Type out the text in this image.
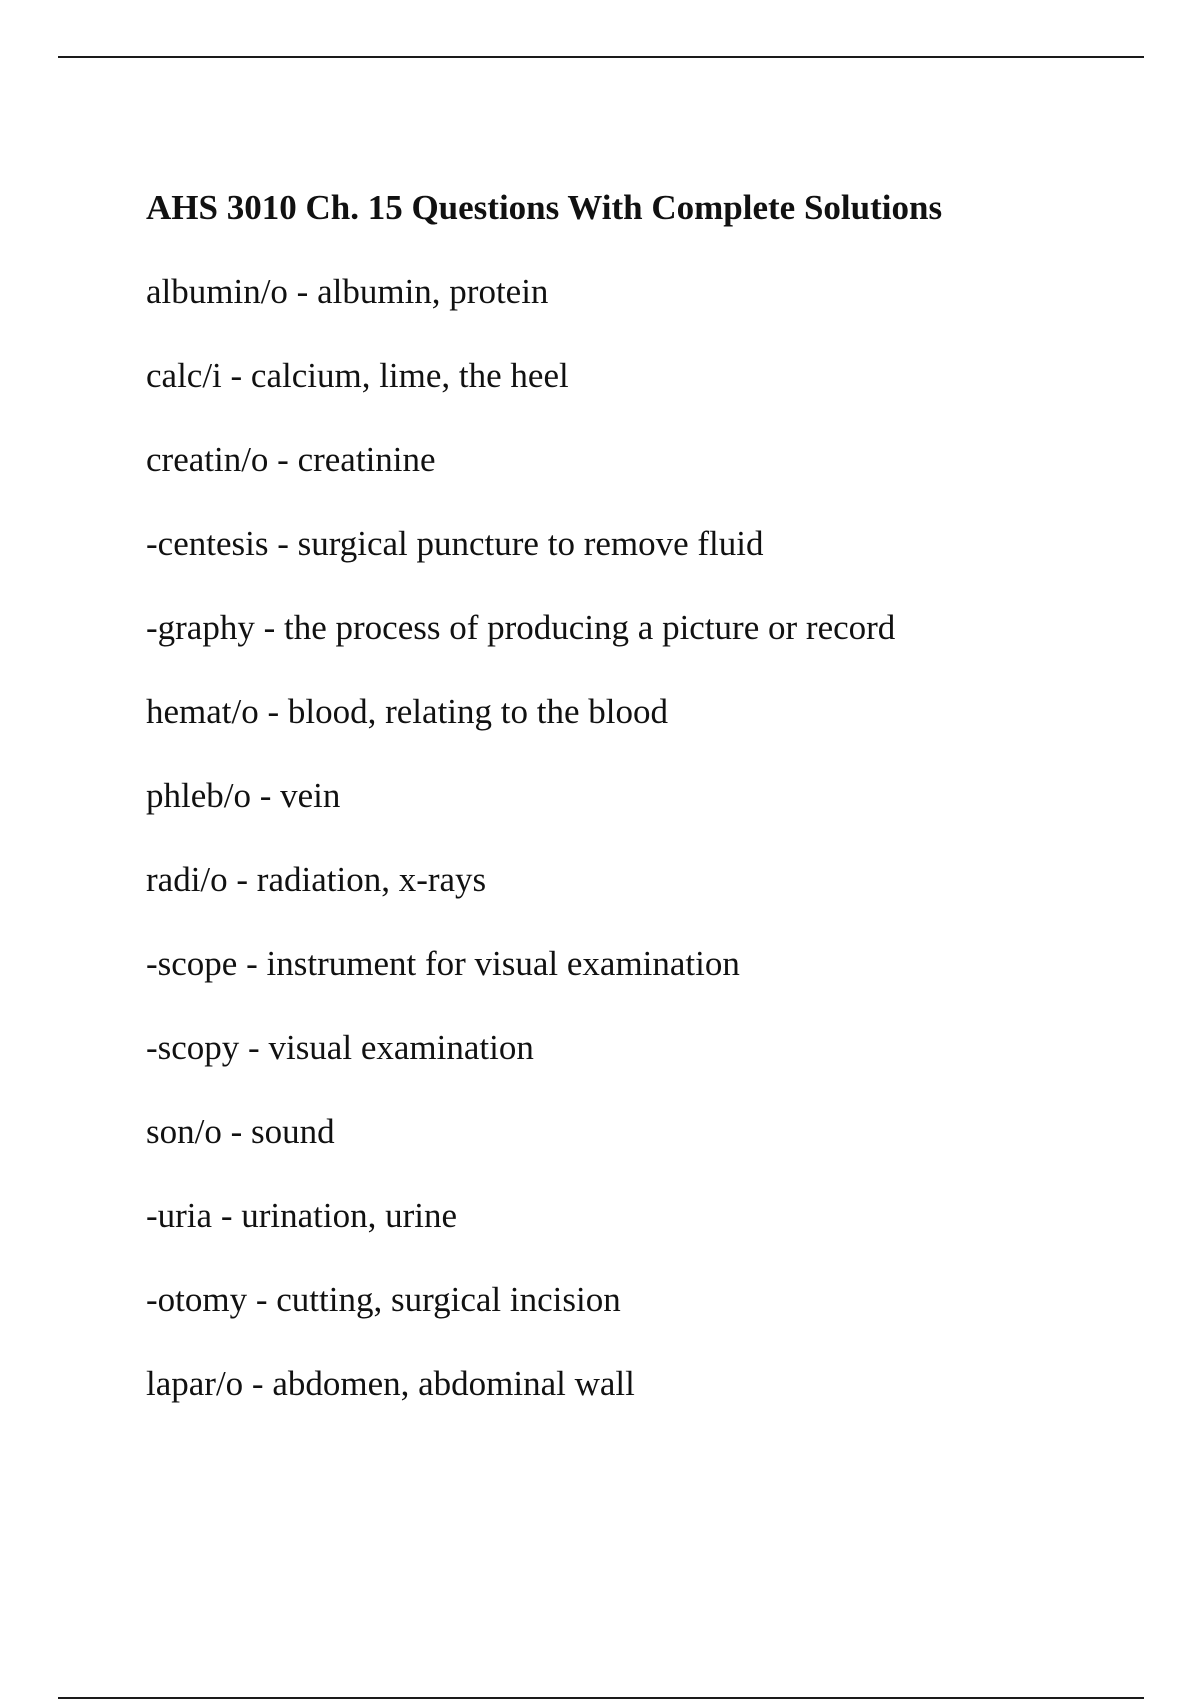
AHS 3010 Ch. 15 Questions With Complete Solutions
albumin/o - albumin, protein
calc/i - calcium, lime, the heel
creatin/o - creatinine
-centesis - surgical puncture to remove fluid
-graphy - the process of producing a picture or record
hemat/o - blood, relating to the blood
phleb/o - vein
radi/o - radiation, x-rays
-scope - instrument for visual examination
-scopy - visual examination
son/o - sound
-uria - urination, urine
-otomy - cutting, surgical incision
lapar/o - abdomen, abdominal wall
